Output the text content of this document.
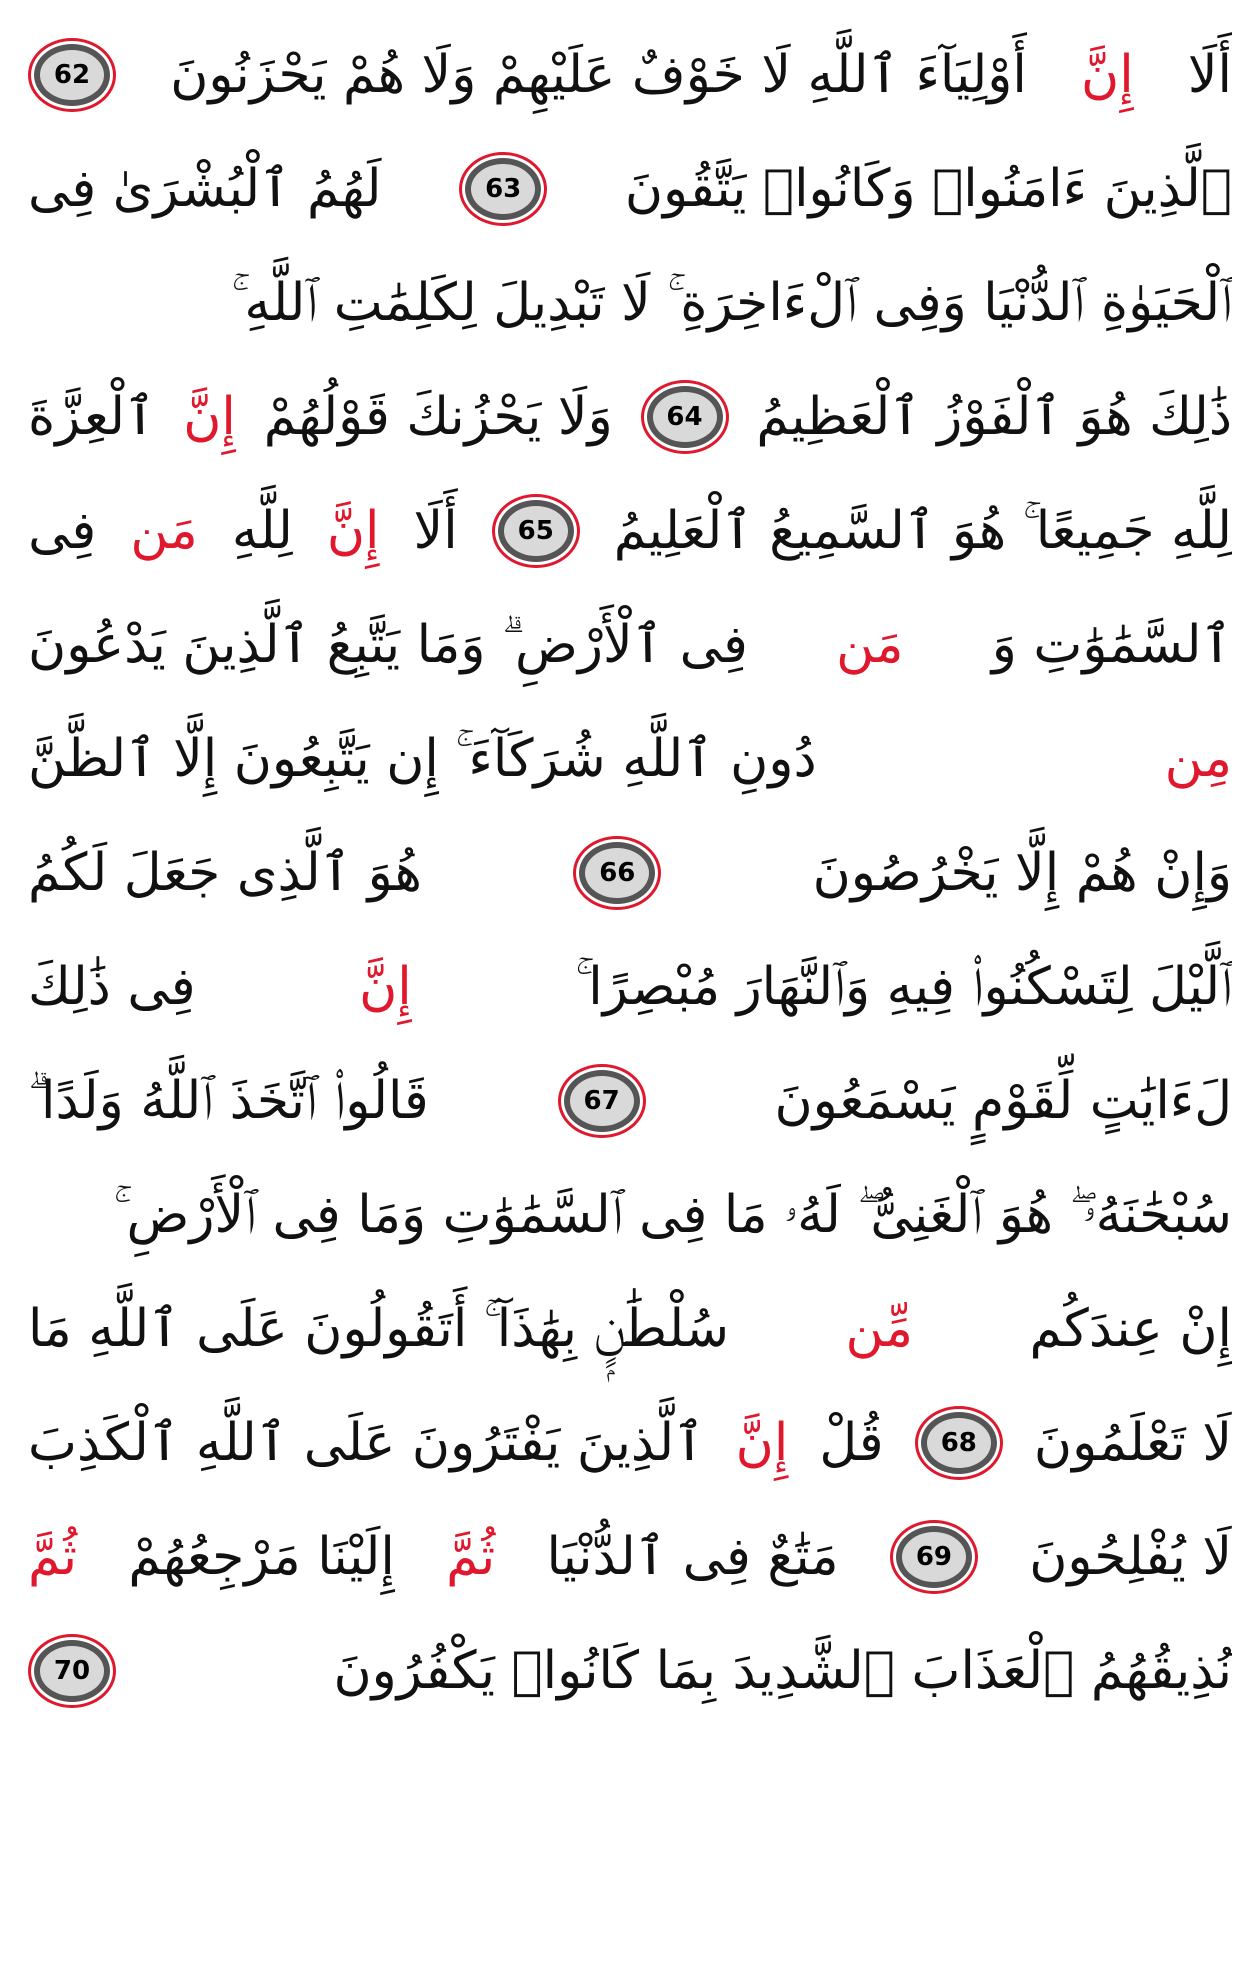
أَلَا
إِنَّ
أَوْلِيَآءَ ٱللَّهِ لَا خَوْفٌ عَلَيْهِمْ وَلَا هُمْ يَحْزَنُونَ
62
ٱلَّذِينَ ءَامَنُوا۟ وَكَانُوا۟ يَتَّقُونَ
63
لَهُمُ ٱلْبُشْرَىٰ فِى
ٱلْحَيَوٰةِ ٱلدُّنْيَا وَفِى ٱلْءَاخِرَةِ ۚ لَا تَبْدِيلَ لِكَلِمَٰتِ ٱللَّهِ ۚ
ذَٰلِكَ هُوَ ٱلْفَوْزُ ٱلْعَظِيمُ
64
وَلَا يَحْزُنكَ قَوْلُهُمْ
إِنَّ
ٱلْعِزَّةَ
لِلَّهِ جَمِيعًا ۚ هُوَ ٱلسَّمِيعُ ٱلْعَلِيمُ
65
أَلَا
إِنَّ
لِلَّهِ
مَن
فِى
ٱلسَّمَٰوَٰتِ وَ
مَن
فِى ٱلْأَرْضِ ۗ وَمَا يَتَّبِعُ ٱلَّذِينَ يَدْعُونَ
مِن
دُونِ ٱللَّهِ شُرَكَآءَ ۚ إِن يَتَّبِعُونَ إِلَّا ٱلظَّنَّ
وَإِنْ هُمْ إِلَّا يَخْرُصُونَ
66
هُوَ ٱلَّذِى جَعَلَ لَكُمُ
ٱلَّيْلَ لِتَسْكُنُوا۟ فِيهِ وَٱلنَّهَارَ مُبْصِرًا ۚ
إِنَّ
فِى ذَٰلِكَ
لَءَايَٰتٍ لِّقَوْمٍ يَسْمَعُونَ
67
قَالُوا۟ ٱتَّخَذَ ٱللَّهُ وَلَدًا ۗ
سُبْحَٰنَهُۥ ۖ هُوَ ٱلْغَنِىُّ ۖ لَهُۥ مَا فِى ٱلسَّمَٰوَٰتِ وَمَا فِى ٱلْأَرْضِ ۚ
إِنْ عِندَكُم
مِّن
سُلْطَٰنٍۭ بِهَٰذَآ ۚ أَتَقُولُونَ عَلَى ٱللَّهِ مَا
لَا تَعْلَمُونَ
68
قُلْ
إِنَّ
ٱلَّذِينَ يَفْتَرُونَ عَلَى ٱللَّهِ ٱلْكَذِبَ
لَا يُفْلِحُونَ
69
مَتَٰعٌ فِى ٱلدُّنْيَا
ثُمَّ
إِلَيْنَا مَرْجِعُهُمْ
ثُمَّ
نُذِيقُهُمُ ٱلْعَذَابَ ٱلشَّدِيدَ بِمَا كَانُوا۟ يَكْفُرُونَ
70
